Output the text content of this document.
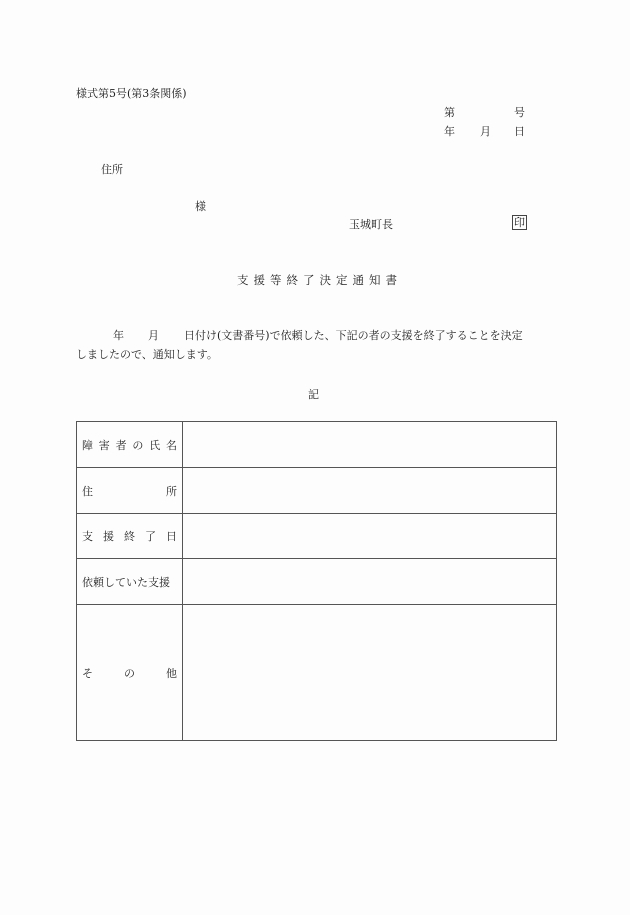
様式第5号(第3条関係)
第	号
年 月 日
住所
様
玉城町長	印
支援等終了決定通知書
年 月 日付け(文書番号)で依頼した、下記の者の支援を終了することを決定
しましたので、通知します。
記
障 害 者 の 氏 名

住 所	

支 援 終 了 日	

依頼していた支援	

そ の 他	
